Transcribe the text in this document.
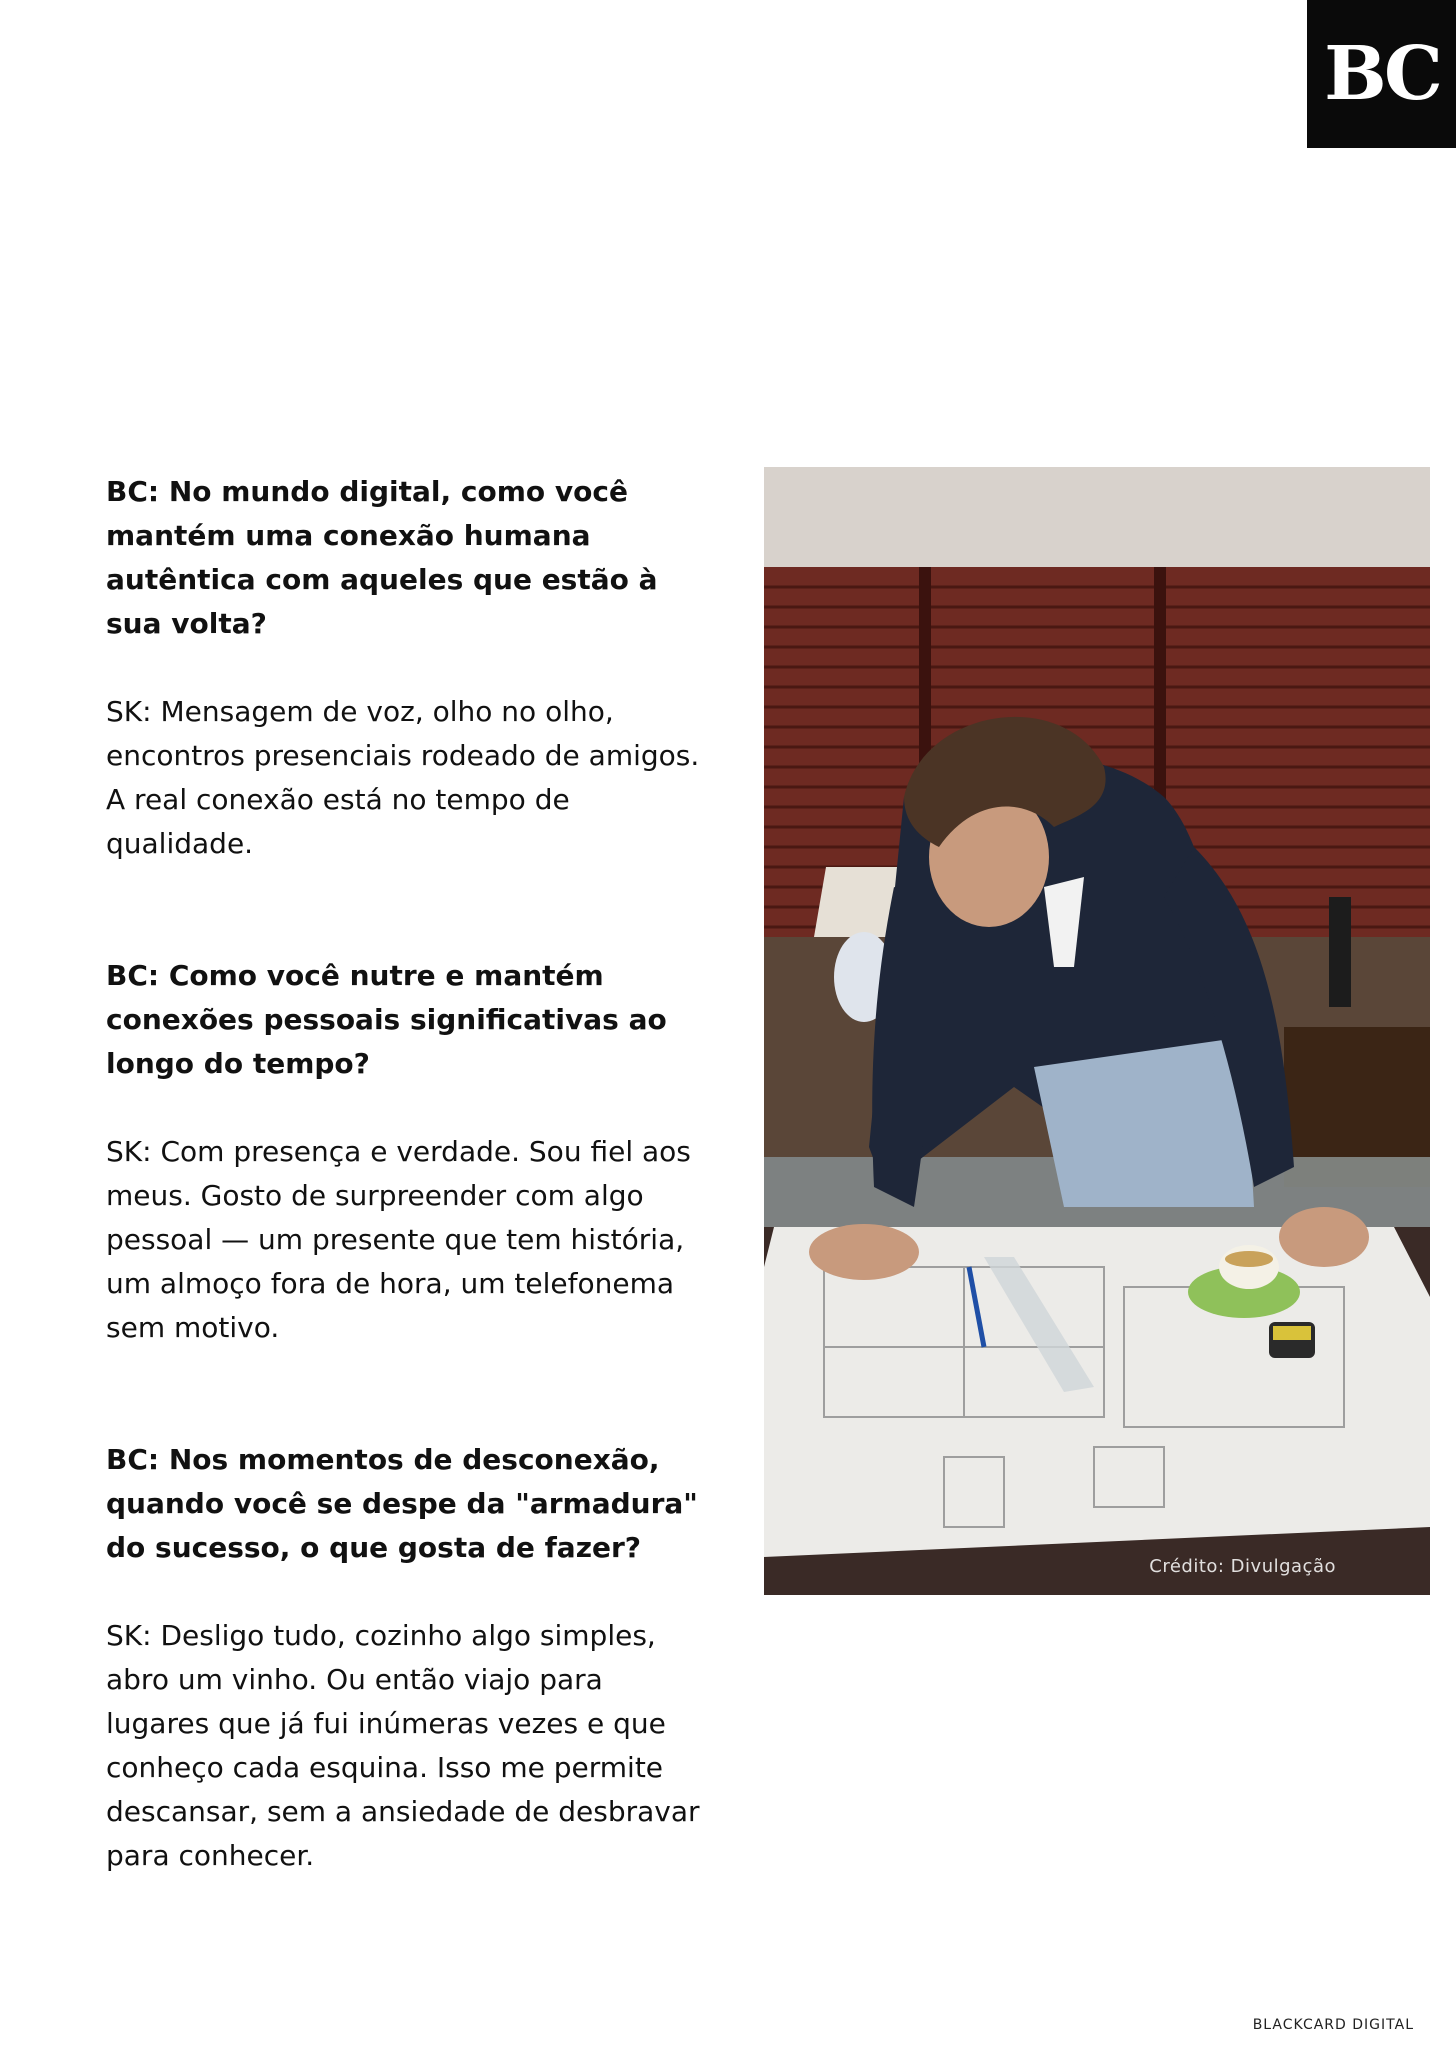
BC

BC: No mundo digital, como você mantém uma conexão humana autêntica com aqueles que estão à sua volta?

SK: Mensagem de voz, olho no olho, encontros presenciais rodeado de amigos. A real conexão está no tempo de qualidade.

BC: Como você nutre e mantém conexões pessoais significativas ao longo do tempo?

SK: Com presença e verdade. Sou fiel aos meus. Gosto de surpreender com algo pessoal — um presente que tem história, um almoço fora de hora, um telefonema sem motivo.

BC: Nos momentos de desconexão, quando você se despe da "armadura" do sucesso, o que gosta de fazer?

SK: Desligo tudo, cozinho algo simples, abro um vinho. Ou então viajo para lugares que já fui inúmeras vezes e que conheço cada esquina. Isso me permite descansar, sem a ansiedade de desbravar para conhecer.

Crédito: Divulgação
BLACKCARD DIGITAL
